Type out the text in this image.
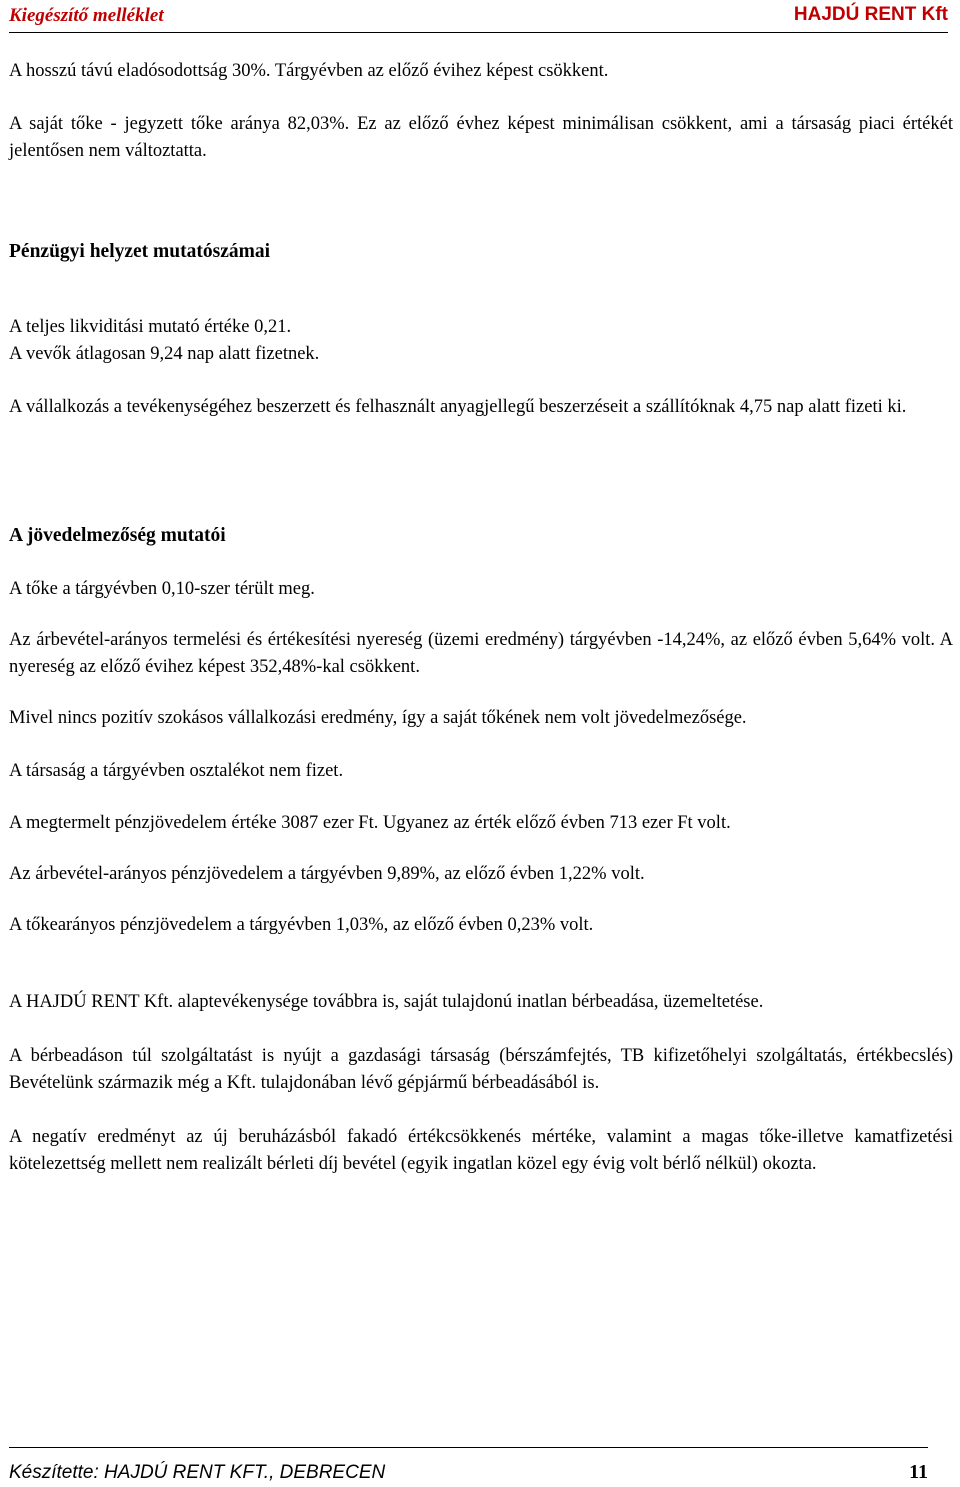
Kiegészítő melléklet	HAJDÚ RENT Kft
A hosszú távú eladósodottság 30%. Tárgyévben az előző évihez képest csökkent.
A saját tőke - jegyzett tőke aránya 82,03%. Ez az előző évhez képest minimálisan csökkent, ami a társaság piaci értékét jelentősen nem változtatta.
Pénzügyi helyzet mutatószámai
A teljes likviditási mutató értéke 0,21.
A vevők átlagosan 9,24 nap alatt fizetnek.
A vállalkozás a tevékenységéhez beszerzett és felhasznált anyagjellegű beszerzéseit a szállítóknak 4,75 nap alatt fizeti ki.
A jövedelmezőség mutatói
A tőke a tárgyévben 0,10-szer térült meg.
Az árbevétel-arányos termelési és értékesítési nyereség (üzemi eredmény) tárgyévben -14,24%, az előző évben 5,64% volt. A nyereség az előző évihez képest 352,48%-kal csökkent.
Mivel nincs pozitív szokásos vállalkozási eredmény, így a saját tőkének nem volt jövedelmezősége.
A társaság a tárgyévben osztalékot nem fizet.
A megtermelt pénzjövedelem értéke 3087 ezer Ft. Ugyanez az érték előző évben 713 ezer Ft volt.
Az árbevétel-arányos pénzjövedelem a tárgyévben 9,89%, az előző évben 1,22% volt.
A tőkearányos pénzjövedelem a tárgyévben 1,03%, az előző évben 0,23% volt.
A HAJDÚ RENT Kft. alaptevékenysége továbbra is, saját tulajdonú inatlan bérbeadása, üzemeltetése.
A bérbeadáson túl szolgáltatást is nyújt a gazdasági társaság (bérszámfejtés, TB kifizetőhelyi szolgáltatás, értékbecslés) Bevételünk származik még a Kft. tulajdonában lévő gépjármű bérbeadásából is.
A negatív eredményt az új beruházásból fakadó értékcsökkenés mértéke, valamint a magas tőke-illetve kamatfizetési kötelezettség mellett nem realizált bérleti díj bevétel (egyik ingatlan közel egy évig volt bérlő nélkül) okozta.
Készítette: HAJDÚ RENT KFT., DEBRECEN	11
